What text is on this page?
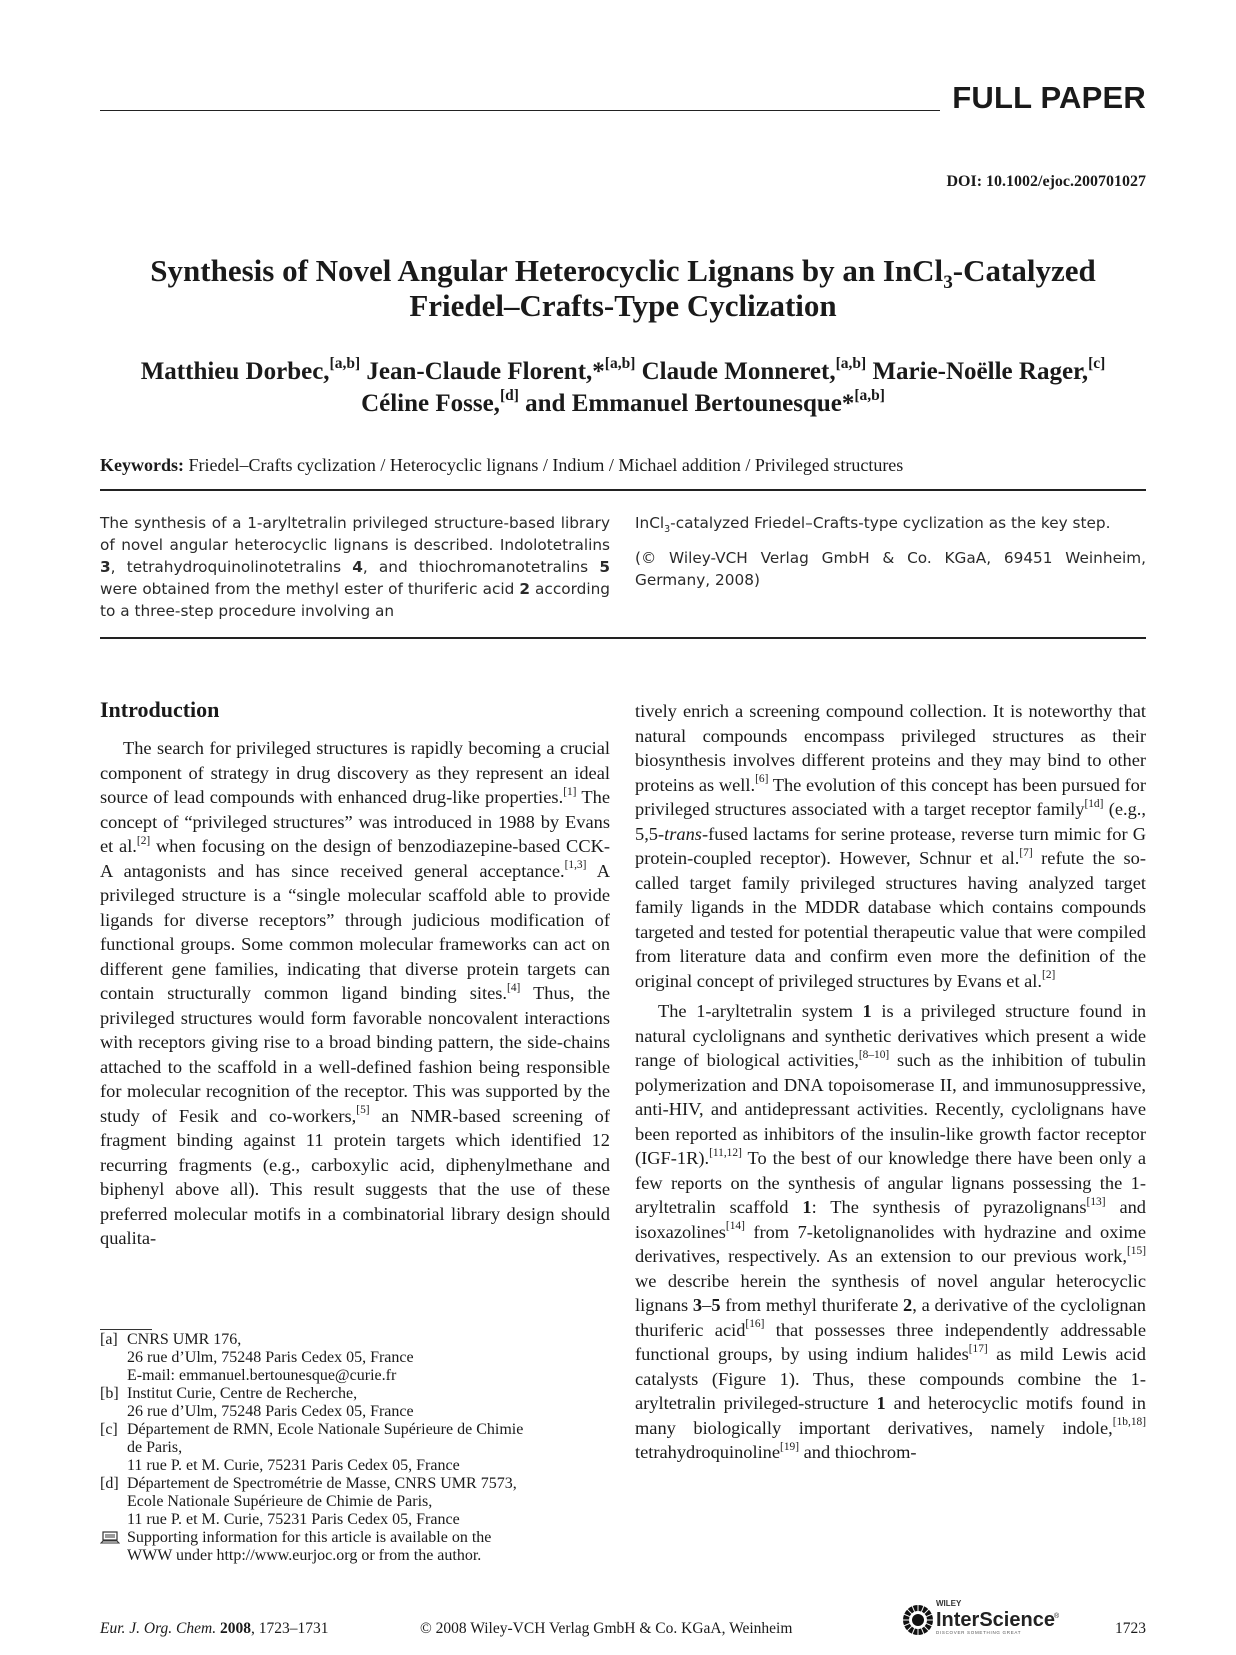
FULL PAPER
DOI: 10.1002/ejoc.200701027
Synthesis of Novel Angular Heterocyclic Lignans by an InCl$_3$-Catalyzed
Friedel–Crafts-Type Cyclization
Matthieu Dorbec,[a,b] Jean-Claude Florent,*[a,b] Claude Monneret,[a,b] Marie-Noëlle Rager,[c]
Céline Fosse,[d] and Emmanuel Bertounesque*[a,b]
Keywords: Friedel–Crafts cyclization / Heterocyclic lignans / Indium / Michael addition / Privileged structures
The synthesis of a 1-aryltetralin privileged structure-based library of novel angular heterocyclic lignans is described. Indolotetralins 3, tetrahydroquinolinotetralins 4, and thiochromanotetralins 5 were obtained from the methyl ester of thuriferic acid 2 according to a three-step procedure involving an

InCl$_3$-catalyzed Friedel–Crafts-type cyclization as the key step.

(© Wiley-VCH Verlag GmbH & Co. KGaA, 69451 Weinheim, Germany, 2008)

Introduction

The search for privileged structures is rapidly becoming a crucial component of strategy in drug discovery as they represent an ideal source of lead compounds with enhanced drug-like properties.[1] The concept of “privileged structures” was introduced in 1988 by Evans et al.[2] when focusing on the design of benzodiazepine-based CCK-A antagonists and has since received general acceptance.[1,3] A privileged structure is a “single molecular scaffold able to provide ligands for diverse receptors” through judicious modification of functional groups. Some common molecular frameworks can act on different gene families, indicating that diverse protein targets can contain structurally common ligand binding sites.[4] Thus, the privileged structures would form favorable noncovalent interactions with receptors giving rise to a broad binding pattern, the side-chains attached to the scaffold in a well-defined fashion being responsible for molecular recognition of the receptor. This was supported by the study of Fesik and co-workers,[5] an NMR-based screening of fragment binding against 11 protein targets which identified 12 recurring fragments (e.g., carboxylic acid, diphenylmethane and biphenyl above all). This result suggests that the use of these preferred molecular motifs in a combinatorial library design should qualita-

tively enrich a screening compound collection. It is noteworthy that natural compounds encompass privileged structures as their biosynthesis involves different proteins and they may bind to other proteins as well.[6] The evolution of this concept has been pursued for privileged structures associated with a target receptor family[1d] (e.g., 5,5-trans-fused lactams for serine protease, reverse turn mimic for G protein-coupled receptor). However, Schnur et al.[7] refute the so-called target family privileged structures having analyzed target family ligands in the MDDR database which contains compounds targeted and tested for potential therapeutic value that were compiled from literature data and confirm even more the definition of the original concept of privileged structures by Evans et al.[2]

The 1-aryltetralin system 1 is a privileged structure found in natural cyclolignans and synthetic derivatives which present a wide range of biological activities,[8–10] such as the inhibition of tubulin polymerization and DNA topoisomerase II, and immunosuppressive, anti-HIV, and antidepressant activities. Recently, cyclolignans have been reported as inhibitors of the insulin-like growth factor receptor (IGF-1R).[11,12] To the best of our knowledge there have been only a few reports on the synthesis of angular lignans possessing the 1-aryltetralin scaffold 1: The synthesis of pyrazolignans[13] and isoxazolines[14] from 7-ketolignanolides with hydrazine and oxime derivatives, respectively. As an extension to our previous work,[15] we describe herein the synthesis of novel angular heterocyclic lignans 3–5 from methyl thuriferate 2, a derivative of the cyclolignan thuriferic acid[16] that possesses three independently addressable functional groups, by using indium halides[17] as mild Lewis acid catalysts (Figure 1). Thus, these compounds combine the 1-aryltetralin privileged-structure 1 and heterocyclic motifs found in many biologically important derivatives, namely indole,[1b,18] tetrahydroquinoline[19] and thiochrom-

[a] CNRS UMR 176,
26 rue d’Ulm, 75248 Paris Cedex 05, France
E-mail: emmanuel.bertounesque@curie.fr
[b] Institut Curie, Centre de Recherche,
26 rue d’Ulm, 75248 Paris Cedex 05, France
[c] Département de RMN, Ecole Nationale Supérieure de Chimie
de Paris,
11 rue P. et M. Curie, 75231 Paris Cedex 05, France
[d] Département de Spectrométrie de Masse, CNRS UMR 7573,
Ecole Nationale Supérieure de Chimie de Paris,
11 rue P. et M. Curie, 75231 Paris Cedex 05, France
Supporting information for this article is available on the
WWW under http://www.eurjoc.org or from the author.
Eur. J. Org. Chem. 2008, 1723–1731	© 2008 Wiley-VCH Verlag GmbH & Co. KGaA, Weinheim
WILEY
InterScience ®
DISCOVER SOMETHING GREAT	1723
